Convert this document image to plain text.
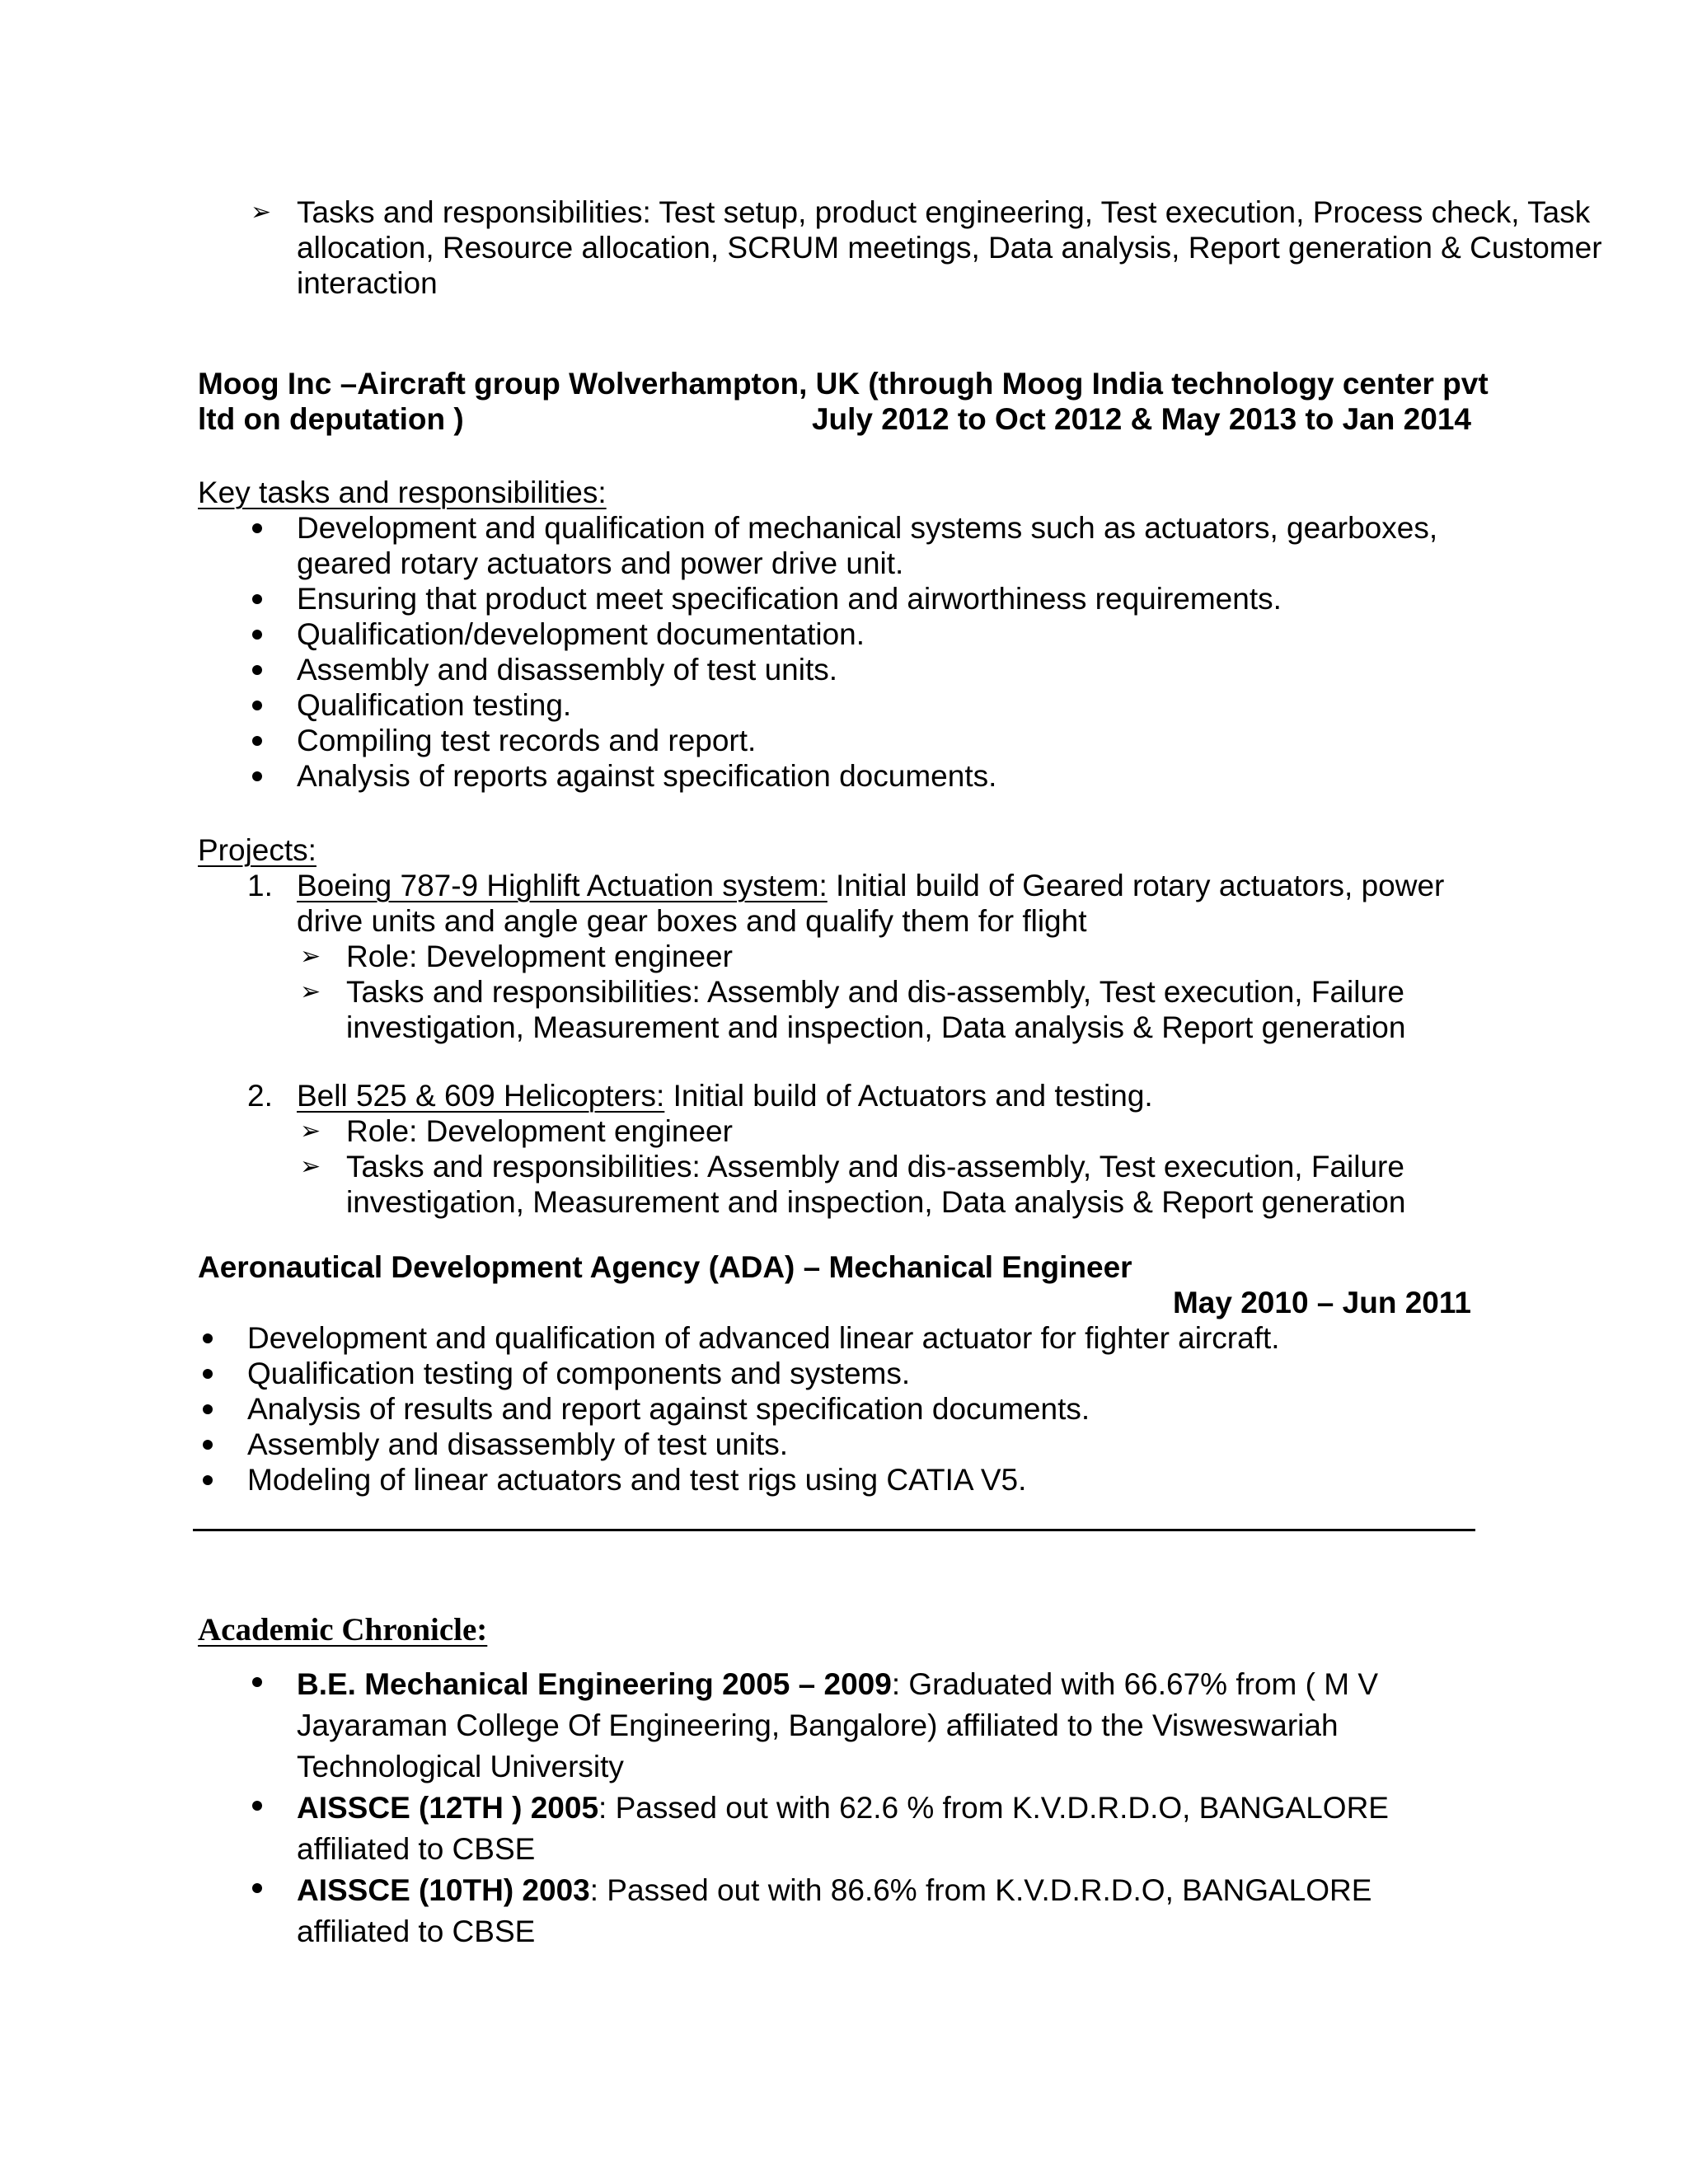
➢ Tasks and responsibilities: Test setup, product engineering, Test execution, Process check, Task allocation, Resource allocation, SCRUM meetings, Data analysis, Report generation & Customer interaction

Moog Inc –Aircraft group Wolverhampton, UK (through Moog India technology center pvt

ltd on deputation )	July 2012 to Oct 2012 & May 2013 to Jan 2014

Key tasks and responsibilities:

Development and qualification of mechanical systems such as actuators, gearboxes, geared rotary actuators and power drive unit.
Ensuring that product meet specification and airworthiness requirements.
Qualification/development documentation.
Assembly and disassembly of test units.
Qualification testing.
Compiling test records and report.
Analysis of reports against specification documents.

Projects:

1. Boeing 787-9 Highlift Actuation system: Initial build of Geared rotary actuators, power drive units and angle gear boxes and qualify them for flight

➢ Role: Development engineer

➢ Tasks and responsibilities: Assembly and dis-assembly, Test execution, Failure investigation, Measurement and inspection, Data analysis & Report generation

2. Bell 525 & 609 Helicopters: Initial build of Actuators and testing.

➢ Role: Development engineer

➢ Tasks and responsibilities: Assembly and dis-assembly, Test execution, Failure investigation, Measurement and inspection, Data analysis & Report generation

Aeronautical Development Agency (ADA) – Mechanical Engineer

May 2010 – Jun 2011

Development and qualification of advanced linear actuator for fighter aircraft.
Qualification testing of components and systems.
Analysis of results and report against specification documents.
Assembly and disassembly of test units.
Modeling of linear actuators and test rigs using CATIA V5.

Academic Chronicle:

B.E. Mechanical Engineering 2005 – 2009: Graduated with 66.67% from ( M V Jayaraman College Of Engineering, Bangalore) affiliated to the Visweswariah Technological University
AISSCE (12TH ) 2005: Passed out with 62.6 % from K.V.D.R.D.O, BANGALORE affiliated to CBSE
AISSCE (10TH) 2003: Passed out with 86.6% from K.V.D.R.D.O, BANGALORE affiliated to CBSE
